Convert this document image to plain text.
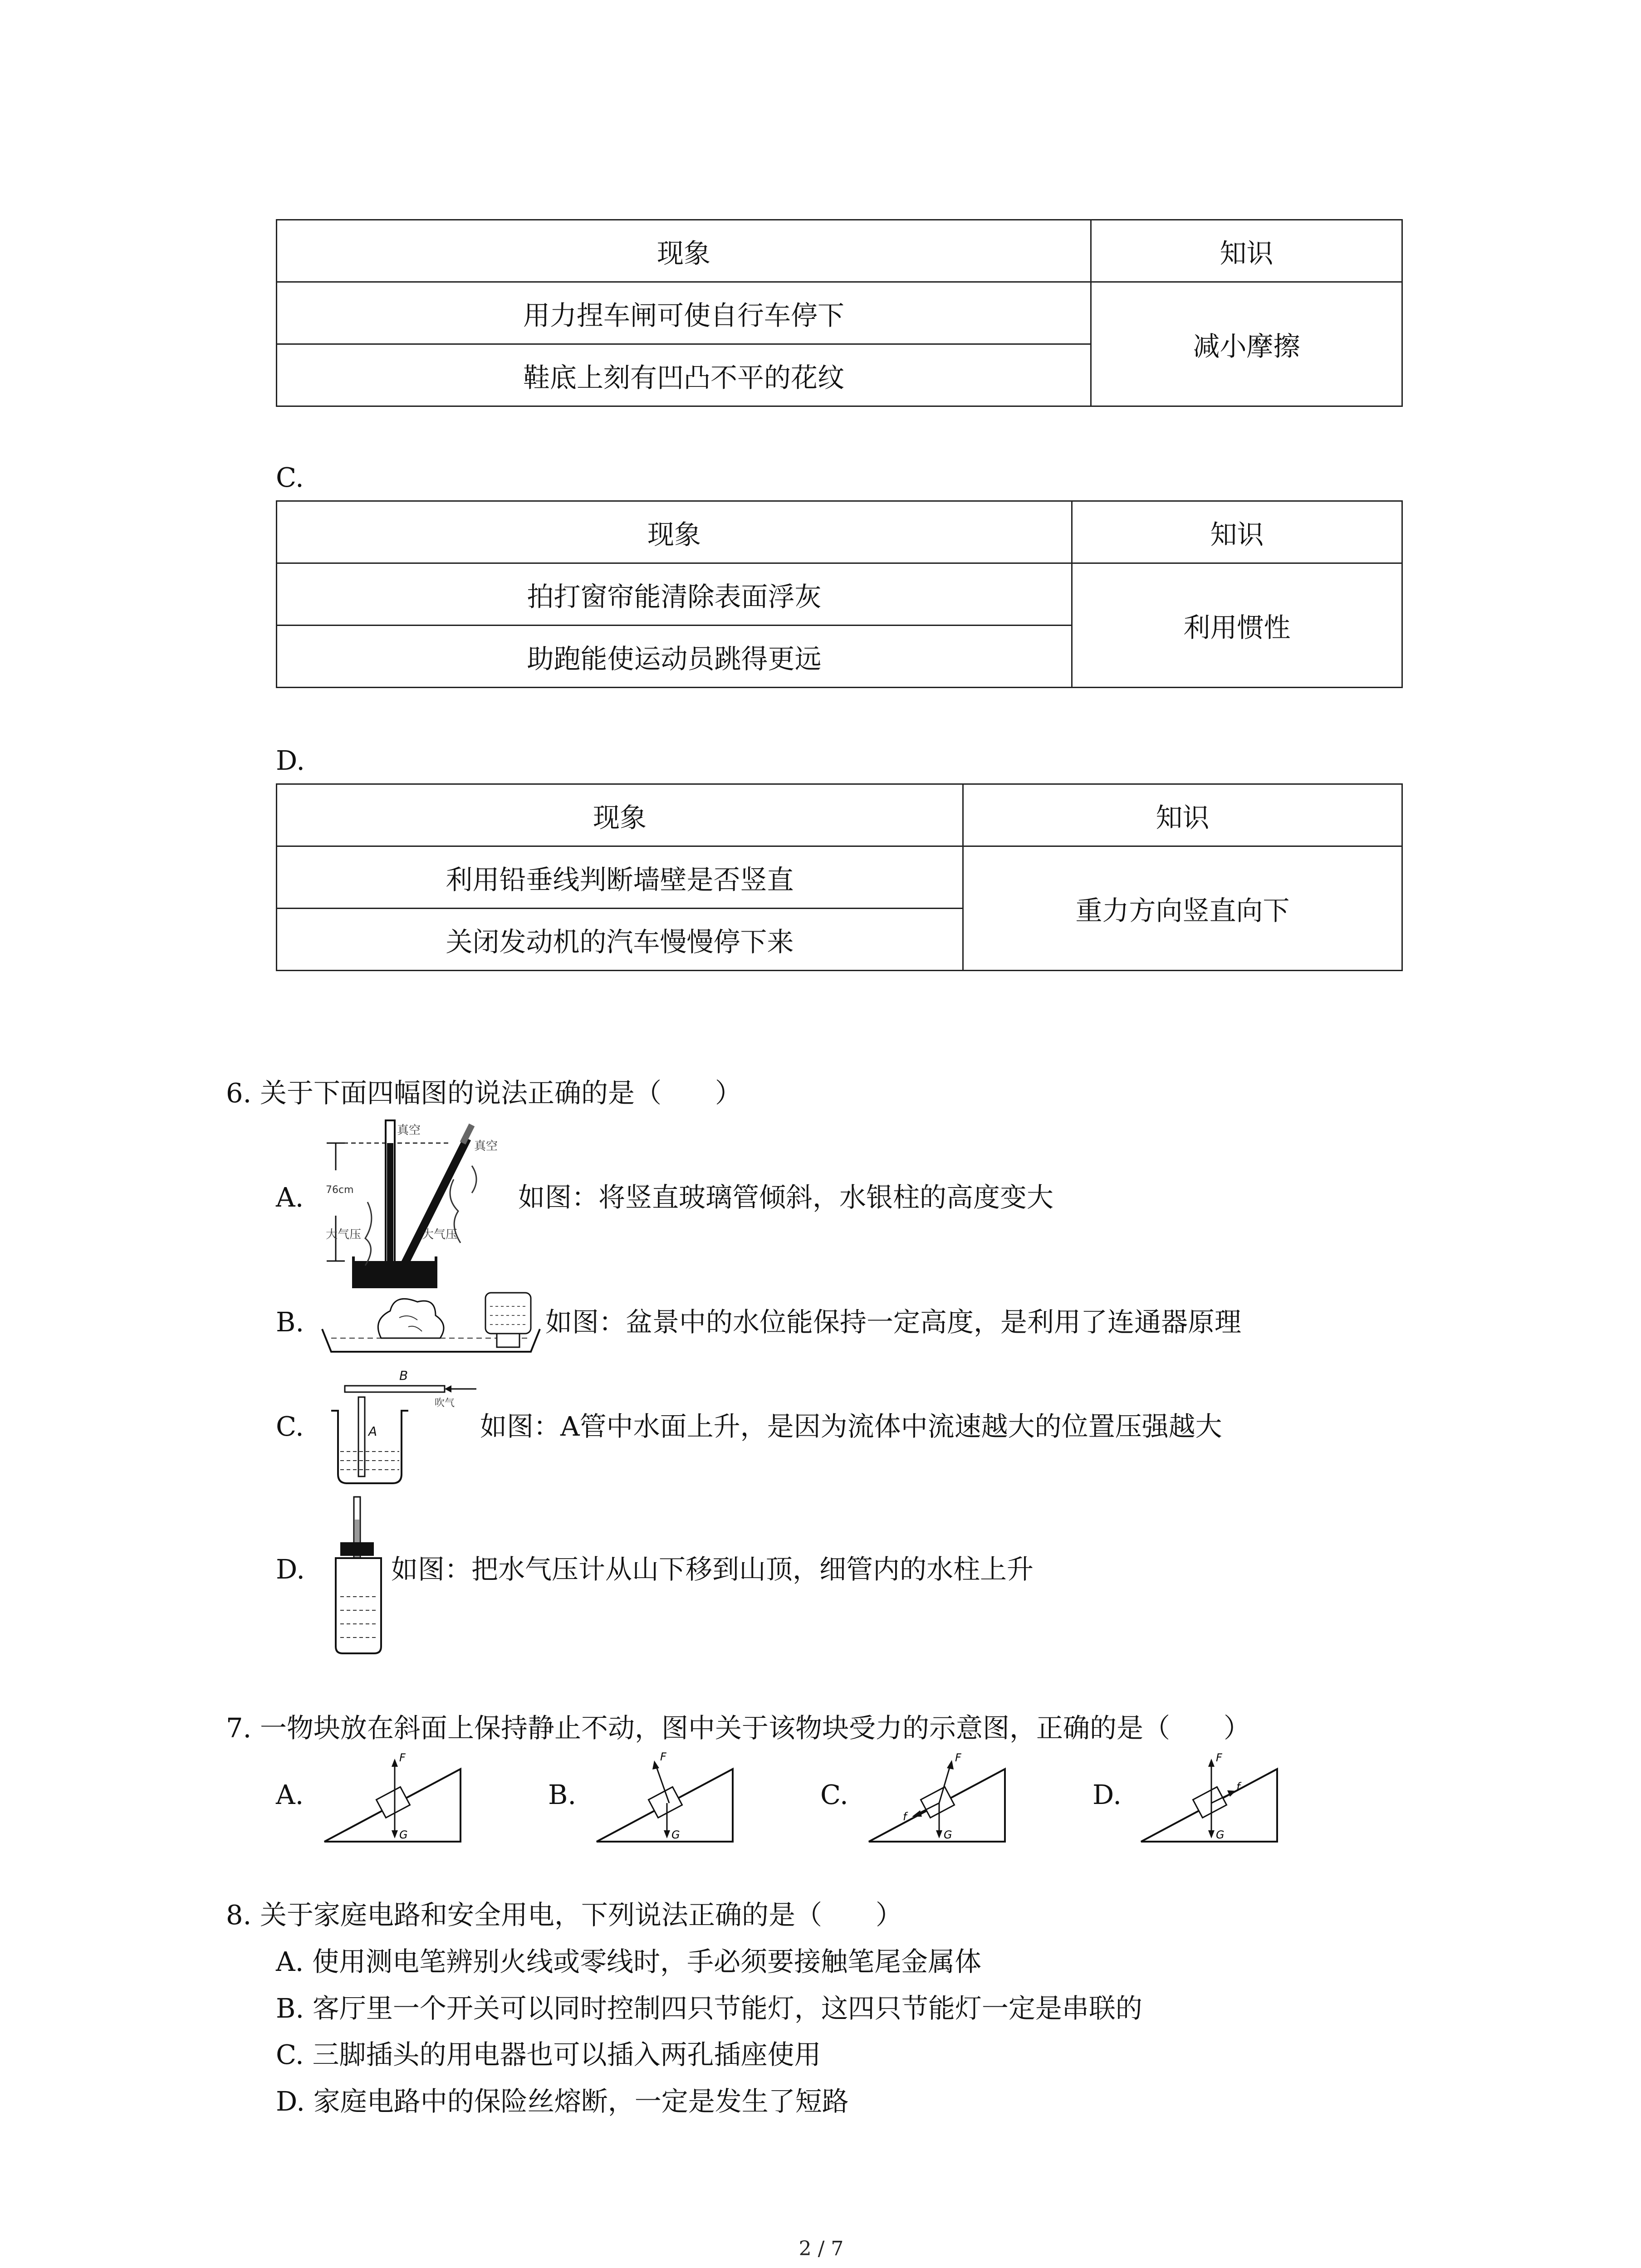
现象	知识
用力捏车闸可使自行车停下	减小摩擦
鞋底上刻有凹凸不平的花纹	
C.
现象	知识
拍打窗帘能清除表面浮灰	利用惯性
助跑能使运动员跳得更远	
D.
现象	知识
利用铅垂线判断墙壁是否竖直	重力方向竖直向下
关闭发动机的汽车慢慢停下来	
6. 关于下面四幅图的说法正确的是（　　）
A.
真空
真空
76cm
大气压	大气压
如图：将竖直玻璃管倾斜，水银柱的高度变大
B.	如图：盆景中的水位能保持一定高度，是利用了连通器原理
C.
B
吹气
A	如图：A管中水面上升，是因为流体中流速越大的位置压强越大
D.	如图：把水气压计从山下移到山顶，细管内的水柱上升
7. 一物块放在斜面上保持静止不动，图中关于该物块受力的示意图，正确的是（　　）
A.
F
G
B.
F
G
C.
F
G
f
D.
F
G
f
8. 关于家庭电路和安全用电，下列说法正确的是（　　）
A. 使用测电笔辨别火线或零线时，手必须要接触笔尾金属体
B. 客厅里一个开关可以同时控制四只节能灯，这四只节能灯一定是串联的
C. 三脚插头的用电器也可以插入两孔插座使用
D. 家庭电路中的保险丝熔断，一定是发生了短路
2 / 7
